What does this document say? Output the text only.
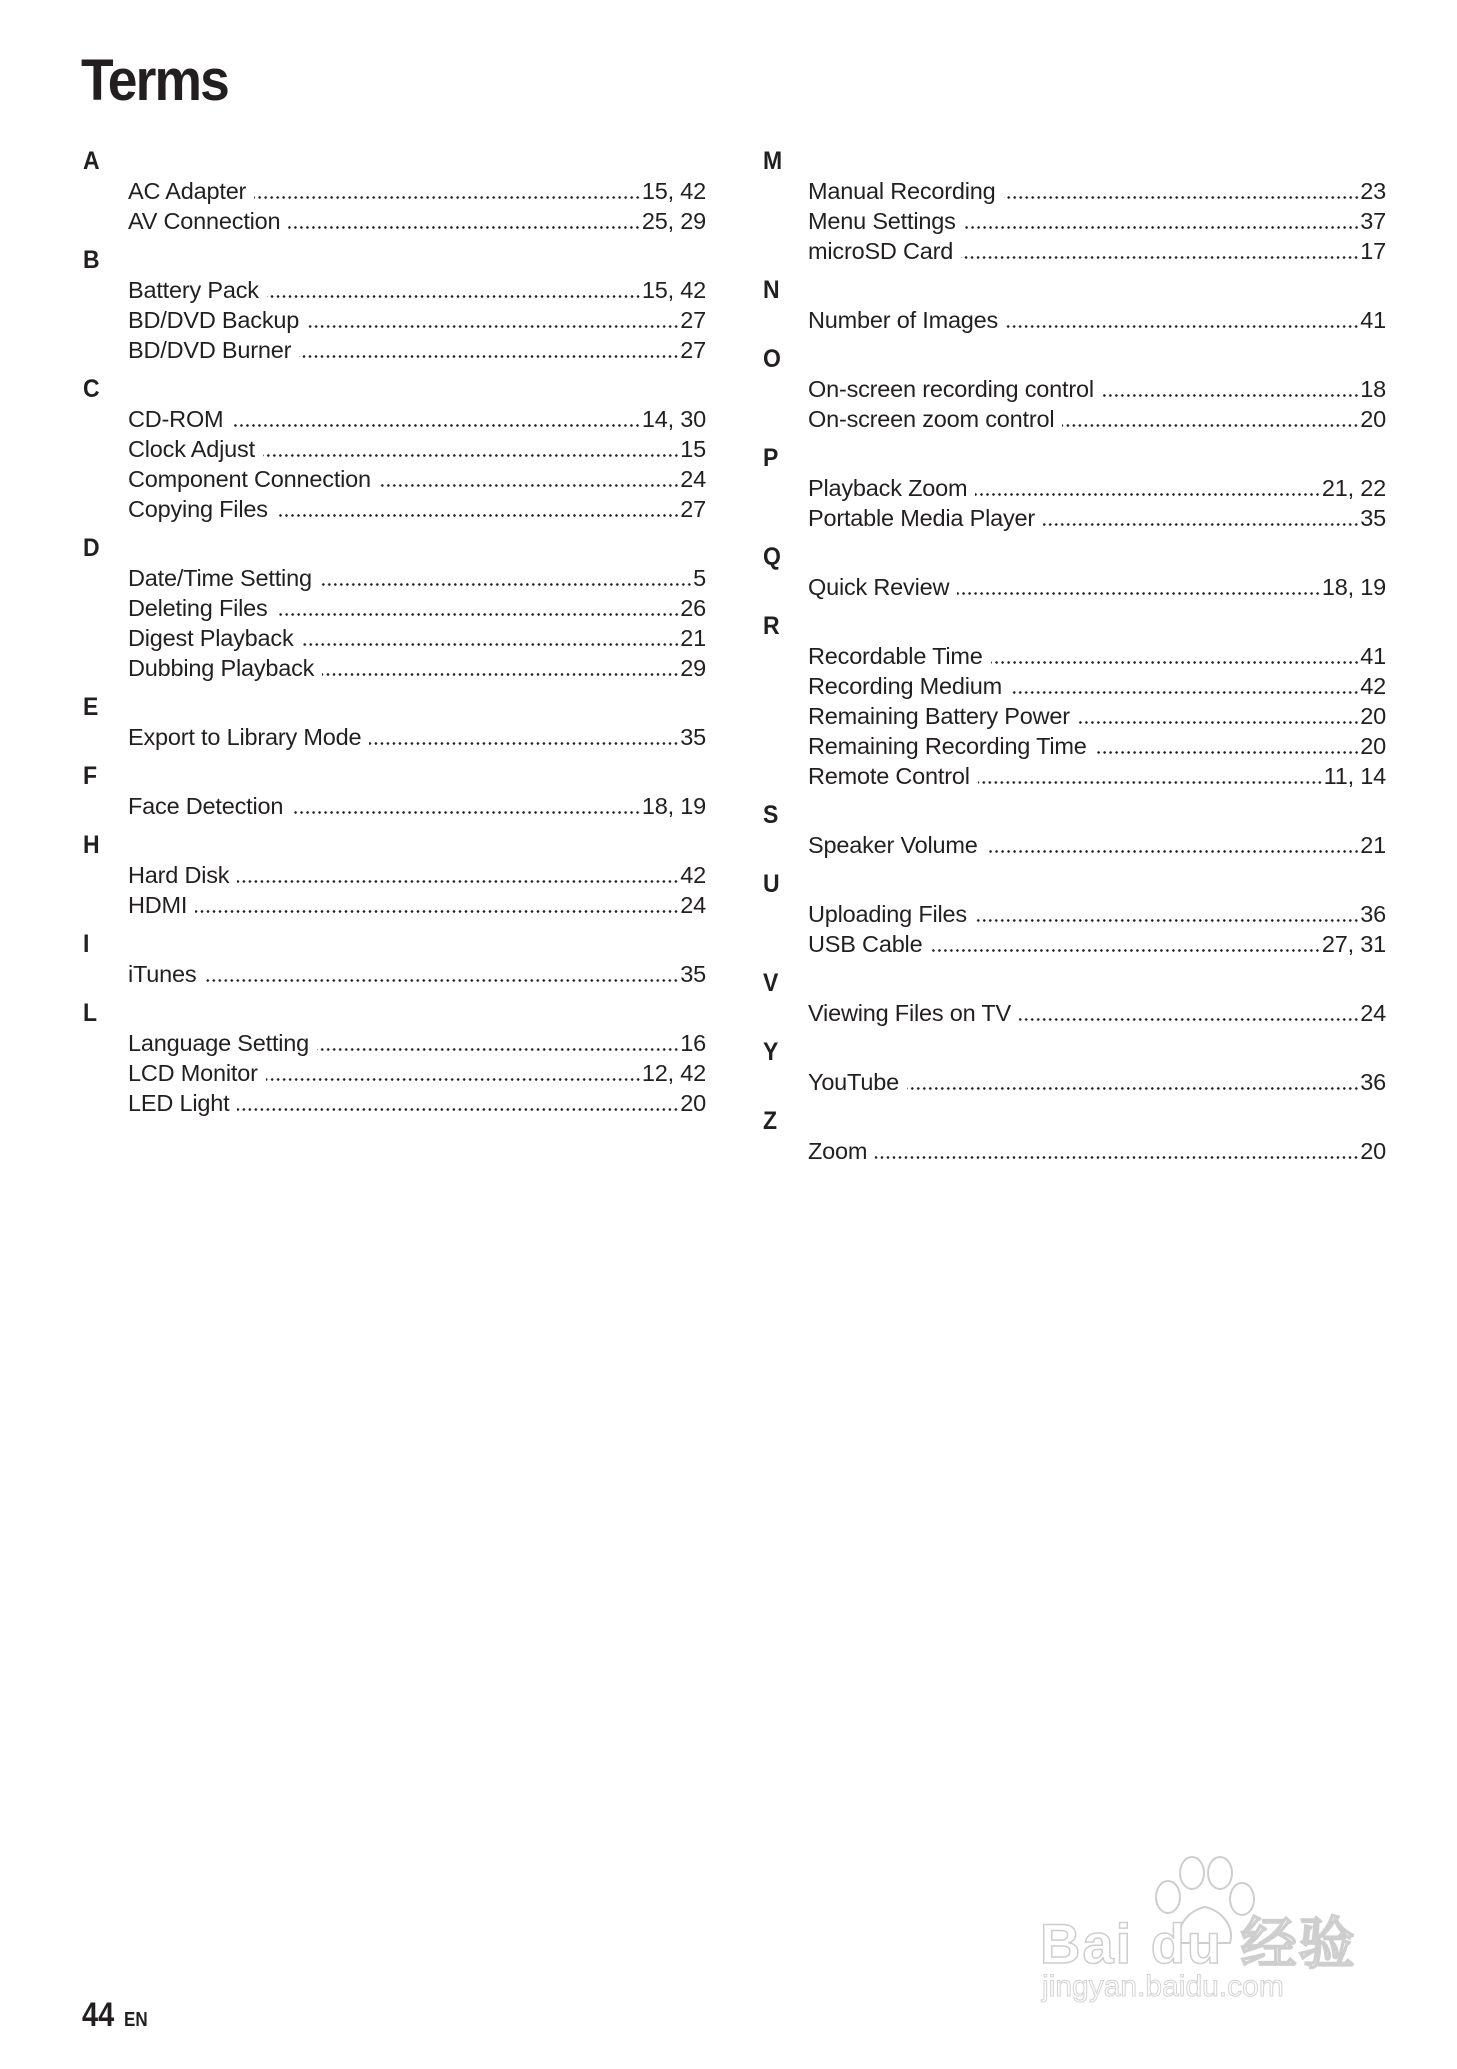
Terms
A
AC Adapter	15, 42
AV Connection	25, 29
B
Battery Pack	15, 42
BD/DVD Backup	27
BD/DVD Burner	27
C
CD-ROM	14, 30
Clock Adjust	15
Component Connection	24
Copying Files	27
D
Date/Time Setting	5
Deleting Files	26
Digest Playback	21
Dubbing Playback	29
E
Export to Library Mode	35
F
Face Detection	18, 19
H
Hard Disk	42
HDMI	24
I
iTunes	35
L
Language Setting	16
LCD Monitor	12, 42
LED Light	20
M
Manual Recording	23
Menu Settings	37
microSD Card	17
N
Number of Images	41
O
On-screen recording control	18
On-screen zoom control	20
P
Playback Zoom	21, 22
Portable Media Player	35
Q
Quick Review	18, 19
R
Recordable Time	41
Recording Medium	42
Remaining Battery Power	20
Remaining Recording Time	20
Remote Control	11, 14
S
Speaker Volume	21
U
Uploading Files	36
USB Cable	27, 31
V
Viewing Files on TV	24
Y
YouTube	36
Z
Zoom	20
44 EN
Bai du 经验
jingyan.baidu.com
